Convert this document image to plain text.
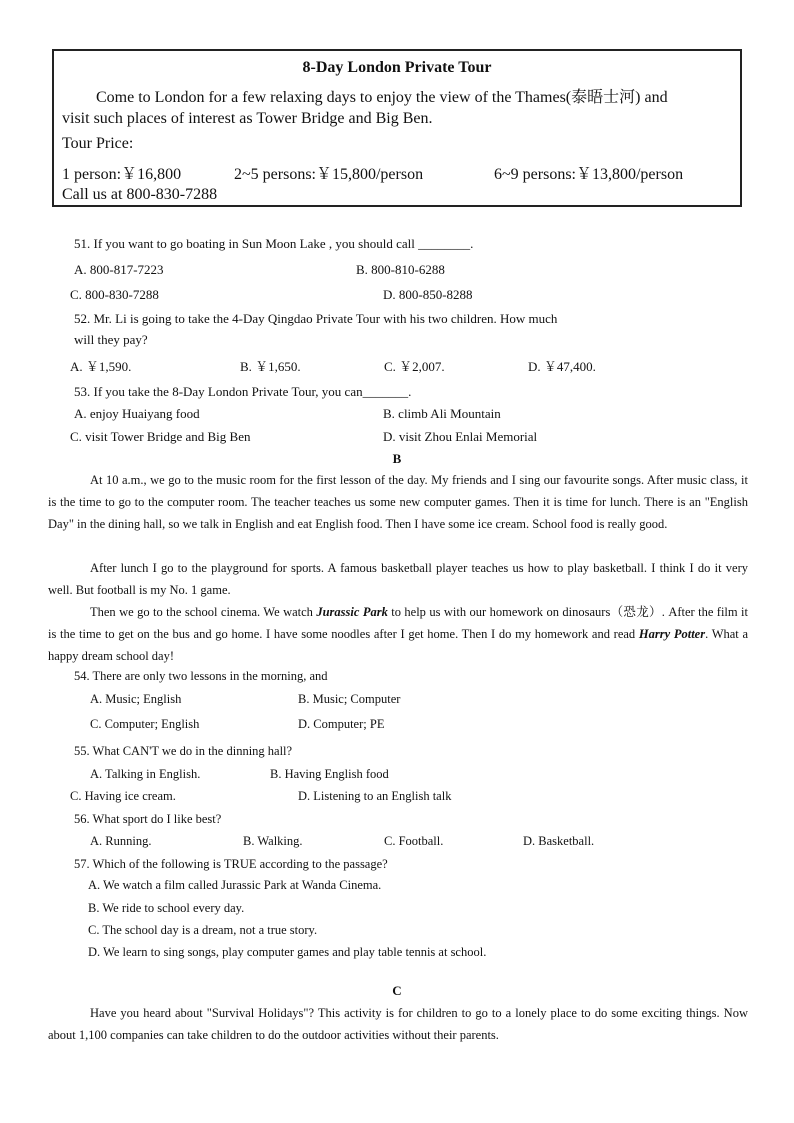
8-Day London Private Tour
Come to London for a few relaxing days to enjoy the view of the Thames(泰晤士河) and
visit such places of interest as Tower Bridge and Big Ben.
Tour Price:
1 person:￥16,800	2~5 persons:￥15,800/person	6~9 persons:￥13,800/person
Call us at 800-830-7288
51. If you want to go boating in Sun Moon Lake , you should call ________.
A. 800-817-7223	B. 800-810-6288
C. 800-830-7288	D. 800-850-8288
52. Mr. Li is going to take the 4-Day Qingdao Private Tour with his two children. How much
will they pay?
A. ￥1,590.	B. ￥1,650.	C. ￥2,007.	D. ￥47,400.
53. If you take the 8-Day London Private Tour, you can_______.
A. enjoy Huaiyang food	B. climb Ali Mountain
C. visit Tower Bridge and Big Ben	D. visit Zhou Enlai Memorial
B
At 10 a.m., we go to the music room for the first lesson of the day. My friends and I sing our favourite songs. After music class, it is the time to go to the computer room. The teacher teaches us some new computer games. Then it is time for lunch. There is an "English Day" in the dining hall, so we talk in English and eat English food. Then I have some ice cream. School food is really good.
After lunch I go to the playground for sports. A famous basketball player teaches us how to play basketball. I think I do it very well. But football is my No. 1 game.
Then we go to the school cinema. We watch Jurassic Park to help us with our homework on dinosaurs（恐龙）. After the film it is the time to get on the bus and go home. I have some noodles after I get home. Then I do my homework and read Harry Potter. What a happy dream school day!
54. There are only two lessons in the morning, and
A. Music; English	B. Music; Computer
C. Computer; English	D. Computer; PE
55. What CAN'T we do in the dinning hall?
A. Talking in English.	B. Having English food
C. Having ice cream.	D. Listening to an English talk
56. What sport do I like best?
A. Running.	B. Walking.	C. Football.	D. Basketball.
57. Which of the following is TRUE according to the passage?
A. We watch a film called Jurassic Park at Wanda Cinema.
B. We ride to school every day.
C. The school day is a dream, not a true story.
D. We learn to sing songs, play computer games and play table tennis at school.
C
Have you heard about "Survival Holidays"? This activity is for children to go to a lonely place to do some exciting things. Now about 1,100 companies can take children to do the outdoor activities without their parents.
